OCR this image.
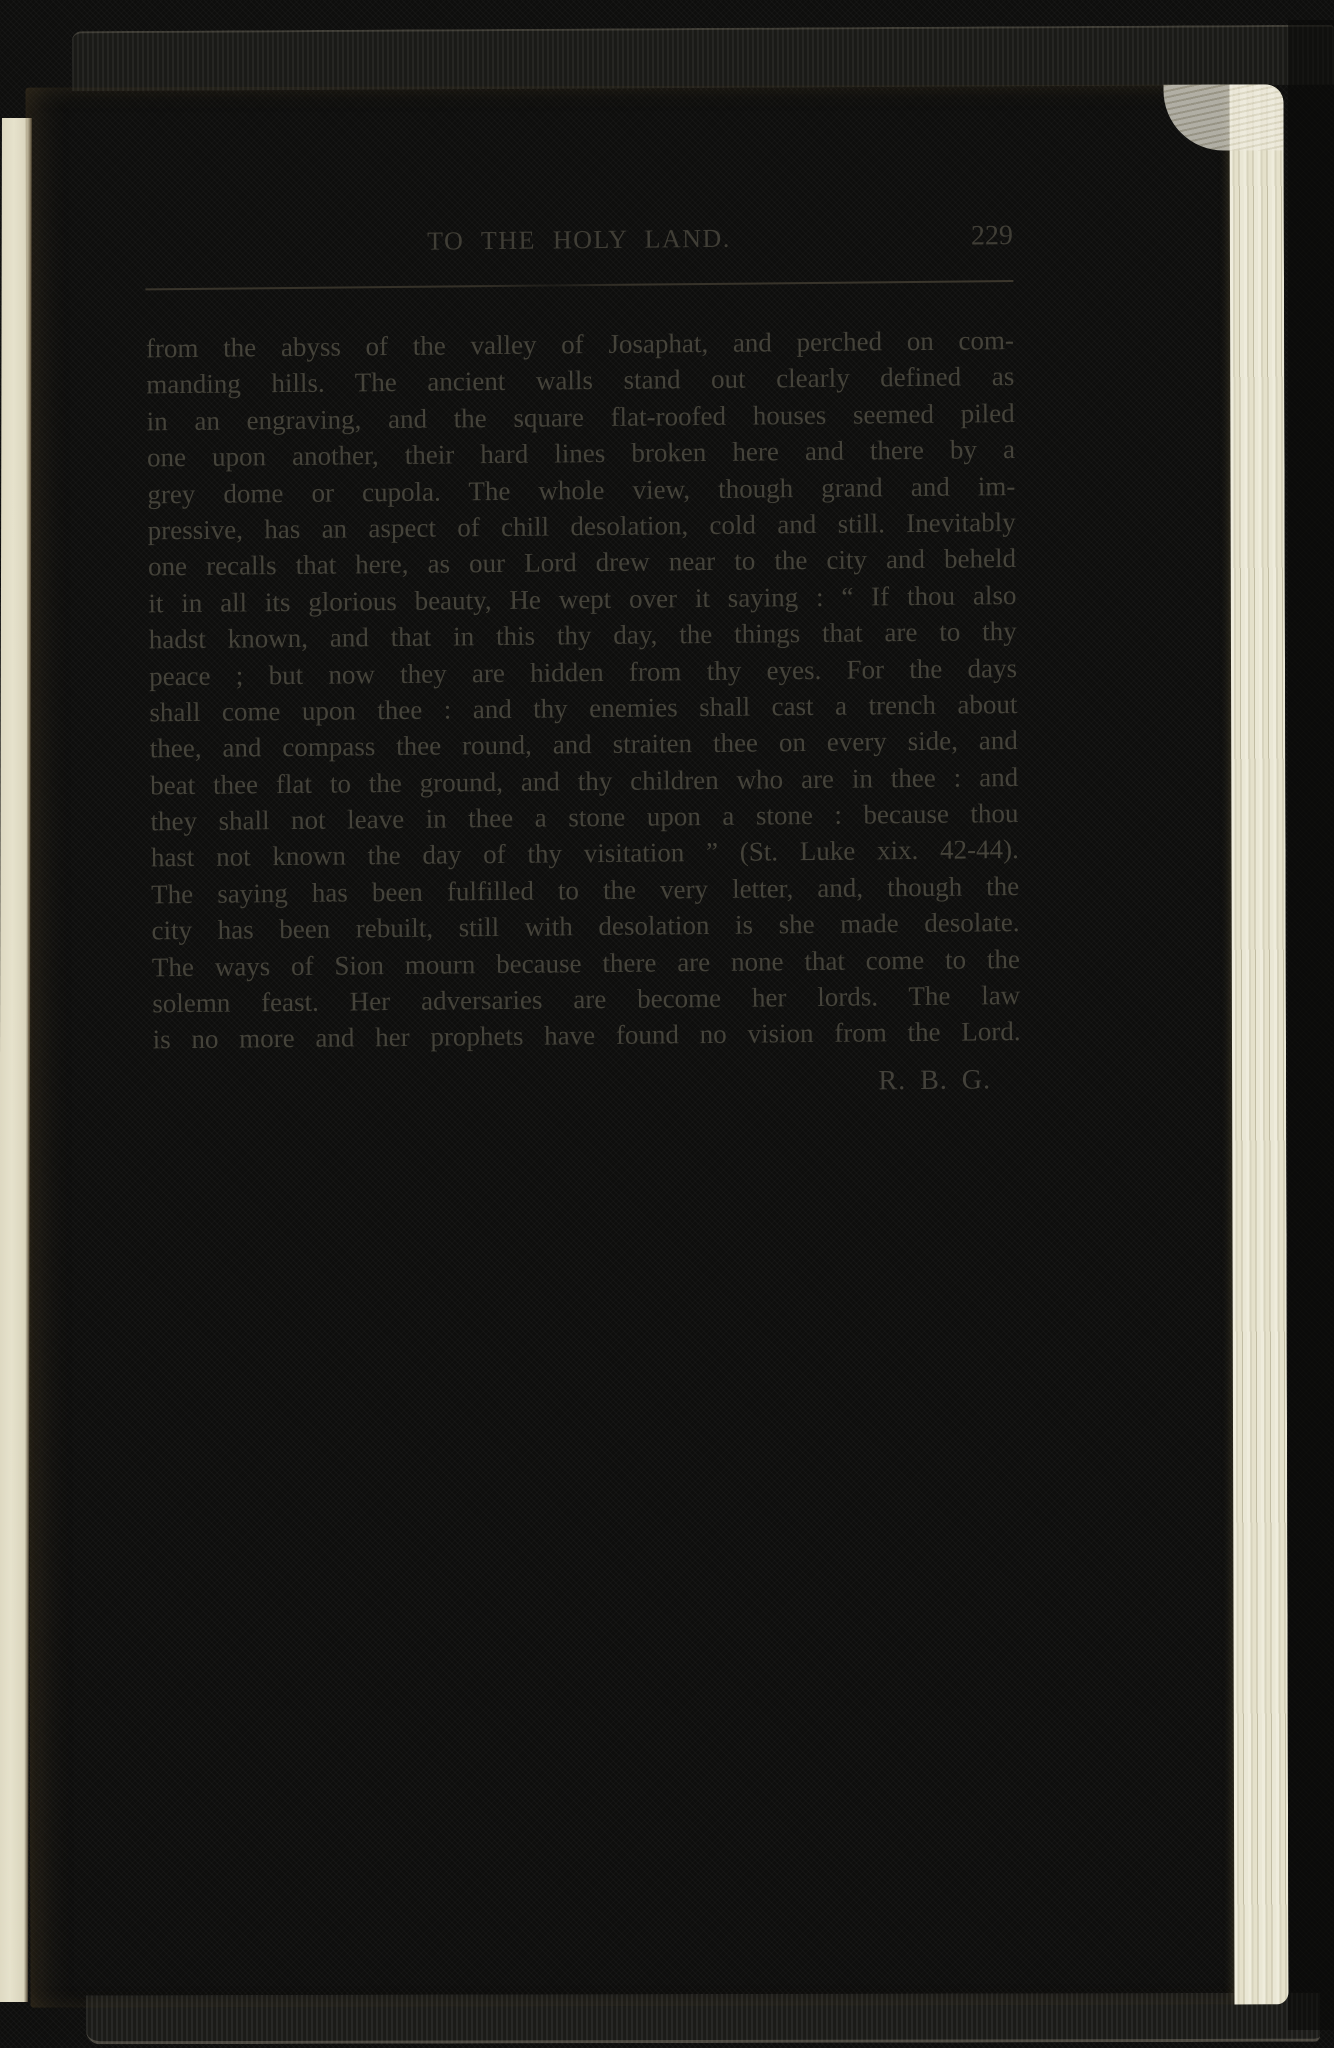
TO THE HOLY LAND.	229
from the abyss of the valley of Josaphat, and perched on com-
manding hills. The ancient walls stand out clearly defined as
in an engraving, and the square flat-roofed houses seemed piled
one upon another, their hard lines broken here and there by a
grey dome or cupola. The whole view, though grand and im-
pressive, has an aspect of chill desolation, cold and still. Inevitably
one recalls that here, as our Lord drew near to the city and beheld
it in all its glorious beauty, He wept over it saying : “ If thou also
hadst known, and that in this thy day, the things that are to thy
peace ; but now they are hidden from thy eyes. For the days
shall come upon thee : and thy enemies shall cast a trench about
thee, and compass thee round, and straiten thee on every side, and
beat thee flat to the ground, and thy children who are in thee : and
they shall not leave in thee a stone upon a stone : because thou
hast not known the day of thy visitation ” (St. Luke xix. 42-44).
The saying has been fulfilled to the very letter, and, though the
city has been rebuilt, still with desolation is she made desolate.
The ways of Sion mourn because there are none that come to the
solemn feast. Her adversaries are become her lords. The law
is no more and her prophets have found no vision from the Lord.
R. B. G.
